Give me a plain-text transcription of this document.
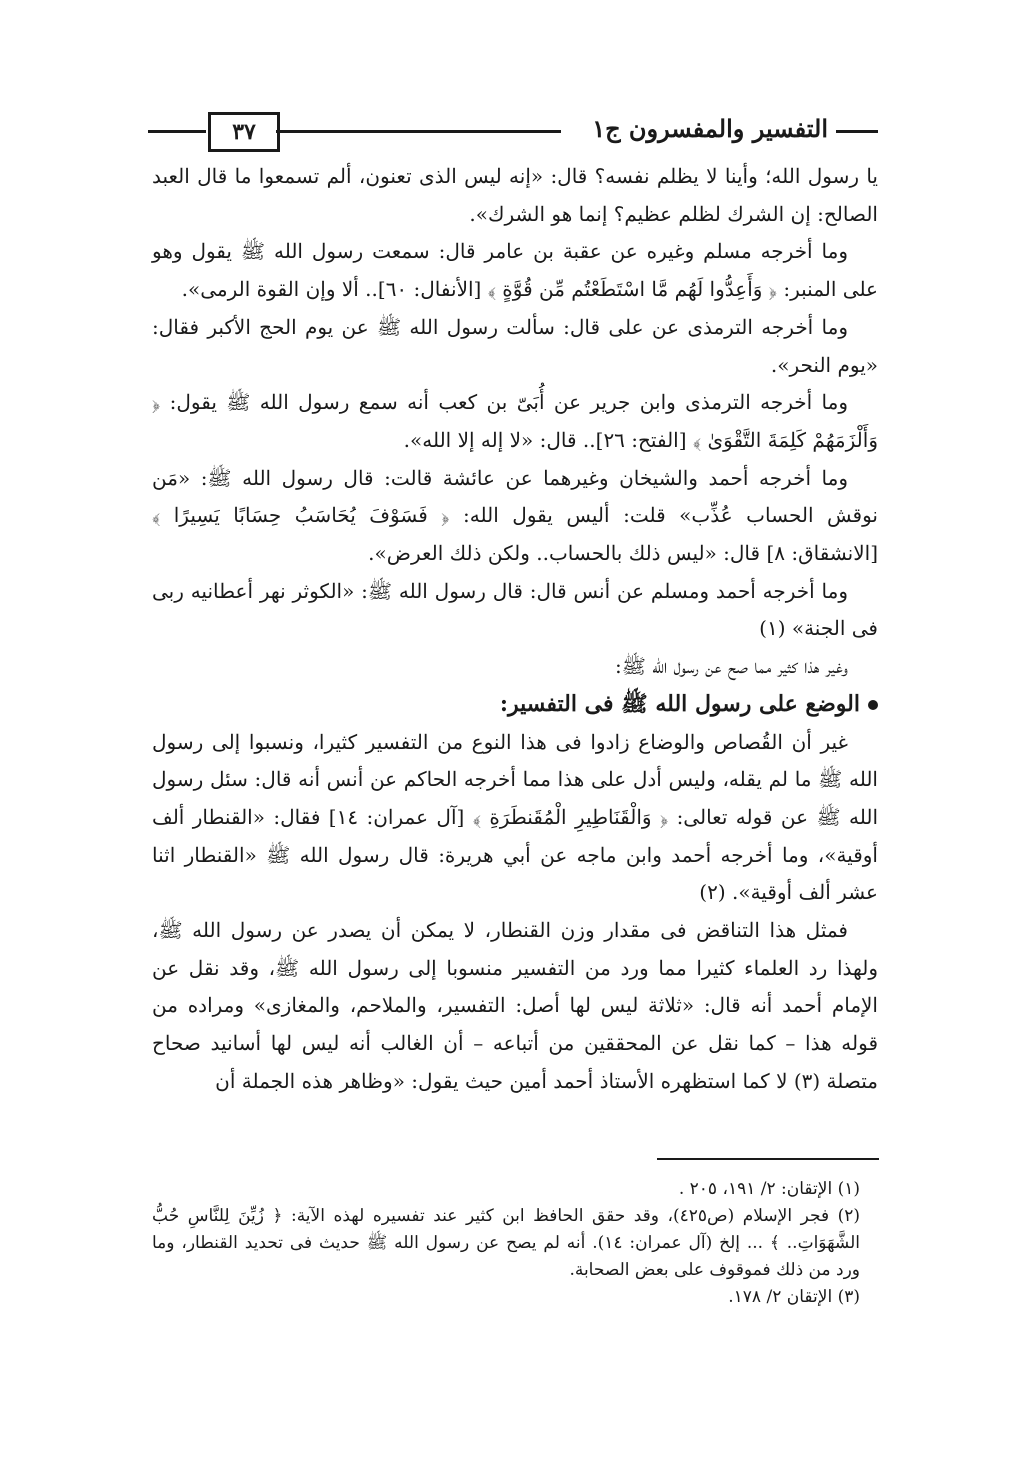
التفسير والمفسرون ج١
٣٧

يا رسول الله؛ وأينا لا يظلم نفسه؟ قال: «إنه ليس الذى تعنون، ألم تسمعوا ما قال العبد الصالح: إن الشرك لظلم عظيم؟ إنما هو الشرك».

وما أخرجه مسلم وغيره عن عقبة بن عامر قال: سمعت رسول الله ﷺ يقول وهو على المنبر: ﴿ وَأَعِدُّوا لَهُم مَّا اسْتَطَعْتُم مِّن قُوَّةٍ ﴾ [الأنفال: ٦٠].. ألا وإن القوة الرمى».

وما أخرجه الترمذى عن على قال: سألت رسول الله ﷺ عن يوم الحج الأكبر فقال: «يوم النحر».

وما أخرجه الترمذى وابن جرير عن أُبَىّ بن كعب أنه سمع رسول الله ﷺ يقول: ﴿ وَأَلْزَمَهُمْ كَلِمَةَ التَّقْوَىٰ ﴾ [الفتح: ٢٦].. قال: «لا إله إلا الله».

وما أخرجه أحمد والشيخان وغيرهما عن عائشة قالت: قال رسول الله ﷺ: «مَن نوقش الحساب عُذِّب» قلت: أليس يقول الله: ﴿ فَسَوْفَ يُحَاسَبُ حِسَابًا يَسِيرًا ﴾ [الانشقاق: ٨] قال: «ليس ذلك بالحساب.. ولكن ذلك العرض».

وما أخرجه أحمد ومسلم عن أنس قال: قال رسول الله ﷺ: «الكوثر نهر أعطانيه ربى فى الجنة» (١)

وغير هذا كثير مما صح عن رسول الله ﷺ:

الوضع على رسول الله ﷺ فى التفسير:

غير أن القُصاص والوضاع زادوا فى هذا النوع من التفسير كثيرا، ونسبوا إلى رسول الله ﷺ ما لم يقله، وليس أدل على هذا مما أخرجه الحاكم عن أنس أنه قال: سئل رسول الله ﷺ عن قوله تعالى: ﴿ وَالْقَنَاطِيرِ الْمُقَنطَرَةِ ﴾ [آل عمران: ١٤] فقال: «القنطار ألف أوقية»، وما أخرجه أحمد وابن ماجه عن أبي هريرة: قال رسول الله ﷺ «القنطار اثنا عشر ألف أوقية». (٢)

فمثل هذا التناقض فى مقدار وزن القنطار، لا يمكن أن يصدر عن رسول الله ﷺ، ولهذا رد العلماء كثيرا مما ورد من التفسير منسوبا إلى رسول الله ﷺ، وقد نقل عن الإمام أحمد أنه قال: «ثلاثة ليس لها أصل: التفسير، والملاحم، والمغازى» ومراده من قوله هذا – كما نقل عن المحققين من أتباعه – أن الغالب أنه ليس لها أسانيد صحاح متصلة (٣) لا كما استظهره الأستاذ أحمد أمين حيث يقول: «وظاهر هذه الجملة أن

(١) الإتقان: ٢/ ١٩١، ٢٠٥ .

(٢) فجر الإسلام (ص٤٢٥)، وقد حقق الحافظ ابن كثير عند تفسيره لهذه الآية: ﴿ زُيِّنَ لِلنَّاسِ حُبُّ الشَّهَوَاتِ.. ﴾ ... إلخ (آل عمران: ١٤). أنه لم يصح عن رسول الله ﷺ حديث فى تحديد القنطار، وما ورد من ذلك فموقوف على بعض الصحابة.

(٣) الإتقان ٢/ ١٧٨.
